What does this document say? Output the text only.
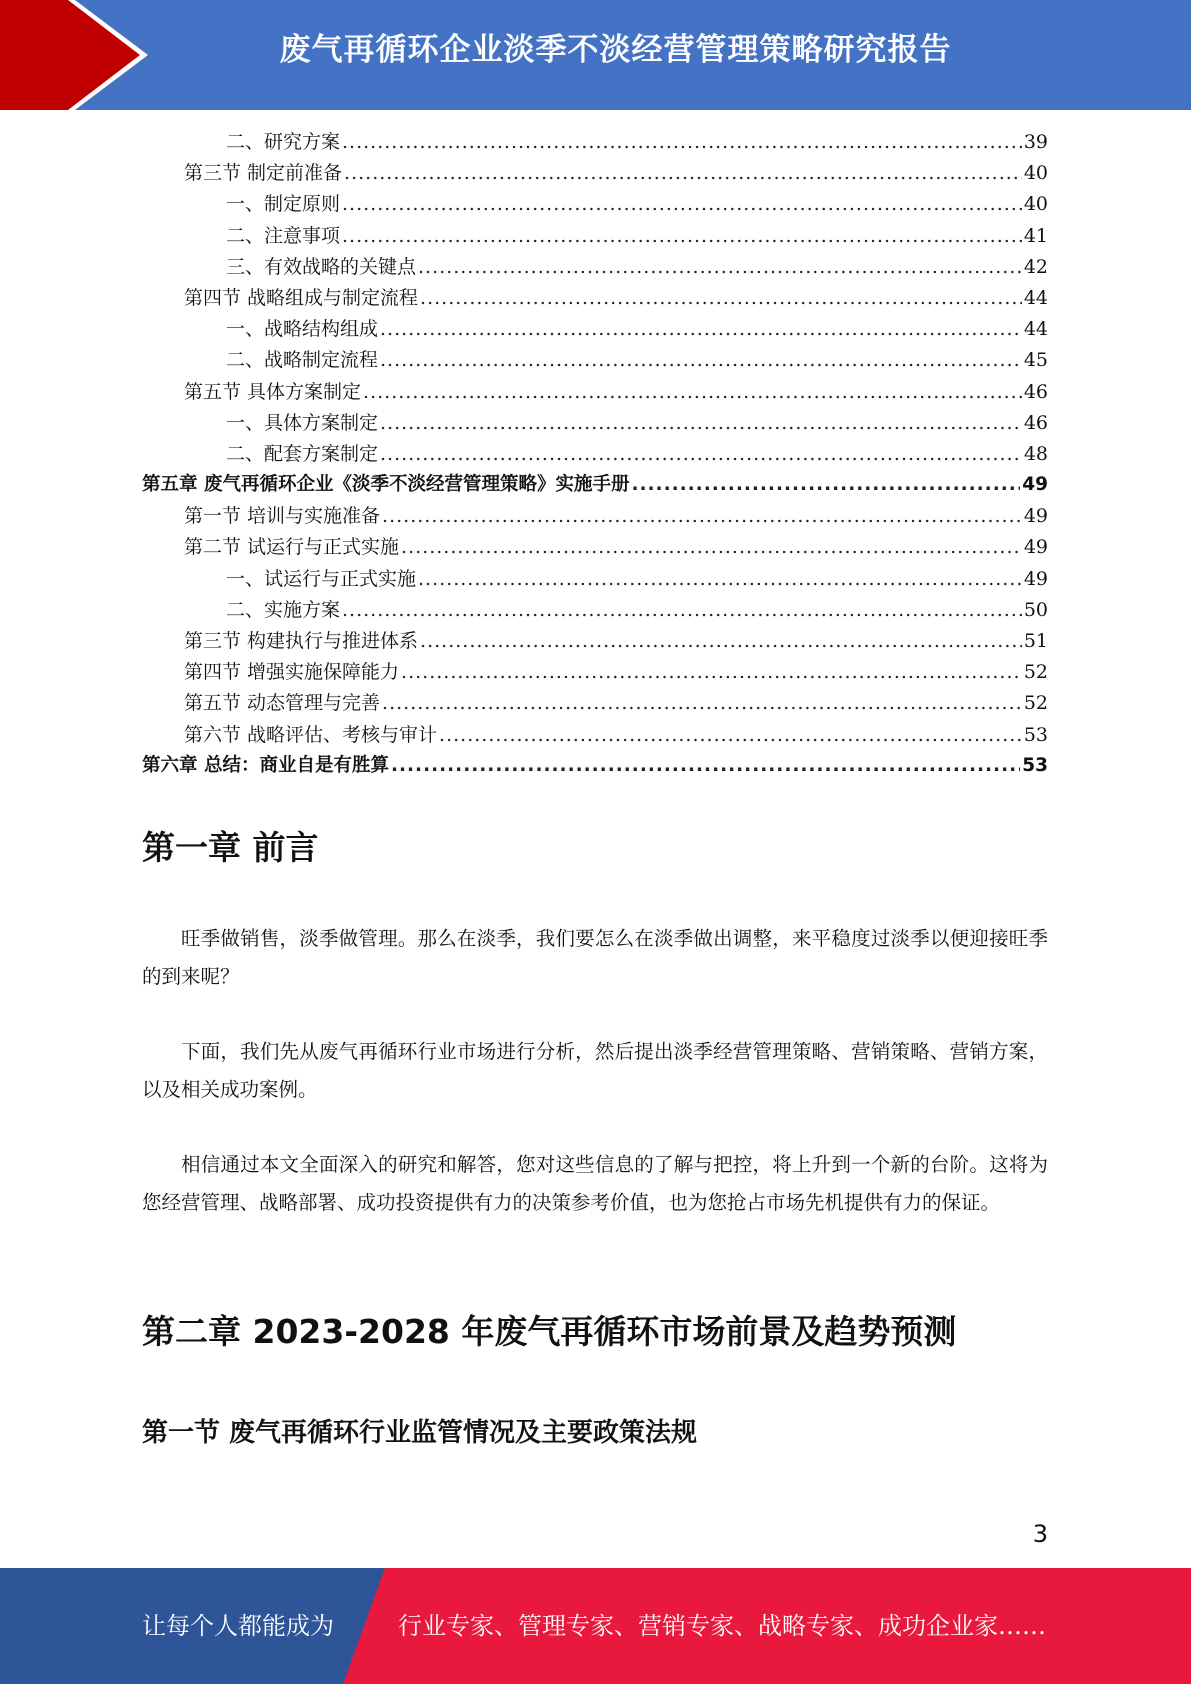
废气再循环企业淡季不淡经营管理策略研究报告
二、研究方案 .....	39
第三节 制定前准备 .....	40
一、制定原则 .....	40
二、注意事项 .....	41
三、有效战略的关键点 .....	42
第四节 战略组成与制定流程 .....	44
一、战略结构组成 .....	44
二、战略制定流程 .....	45
第五节 具体方案制定 .....	46
一、具体方案制定 .....	46
二、配套方案制定 .....	48
第五章 废气再循环企业《淡季不淡经营管理策略》实施手册 .....	49
第一节 培训与实施准备 .....	49
第二节 试运行与正式实施 .....	49
一、试运行与正式实施 .....	49
二、实施方案 .....	50
第三节 构建执行与推进体系 .....	51
第四节 增强实施保障能力 .....	52
第五节 动态管理与完善 .....	52
第六节 战略评估、考核与审计 .....	53
第六章 总结：商业自是有胜算 .....	53
第一章 前言

旺季做销售，淡季做管理。那么在淡季，我们要怎么在淡季做出调整，来平稳度过淡季以便迎接旺季的到来呢？

下面，我们先从废气再循环行业市场进行分析，然后提出淡季经营管理策略、营销策略、营销方案，以及相关成功案例。

相信通过本文全面深入的研究和解答，您对这些信息的了解与把控，将上升到一个新的台阶。这将为您经营管理、战略部署、成功投资提供有力的决策参考价值，也为您抢占市场先机提供有力的保证。

第二章 2023-2028 年废气再循环市场前景及趋势预测
第一节 废气再循环行业监管情况及主要政策法规
3
让每个人都能成为	行业专家、管理专家、营销专家、战略专家、成功企业家……
